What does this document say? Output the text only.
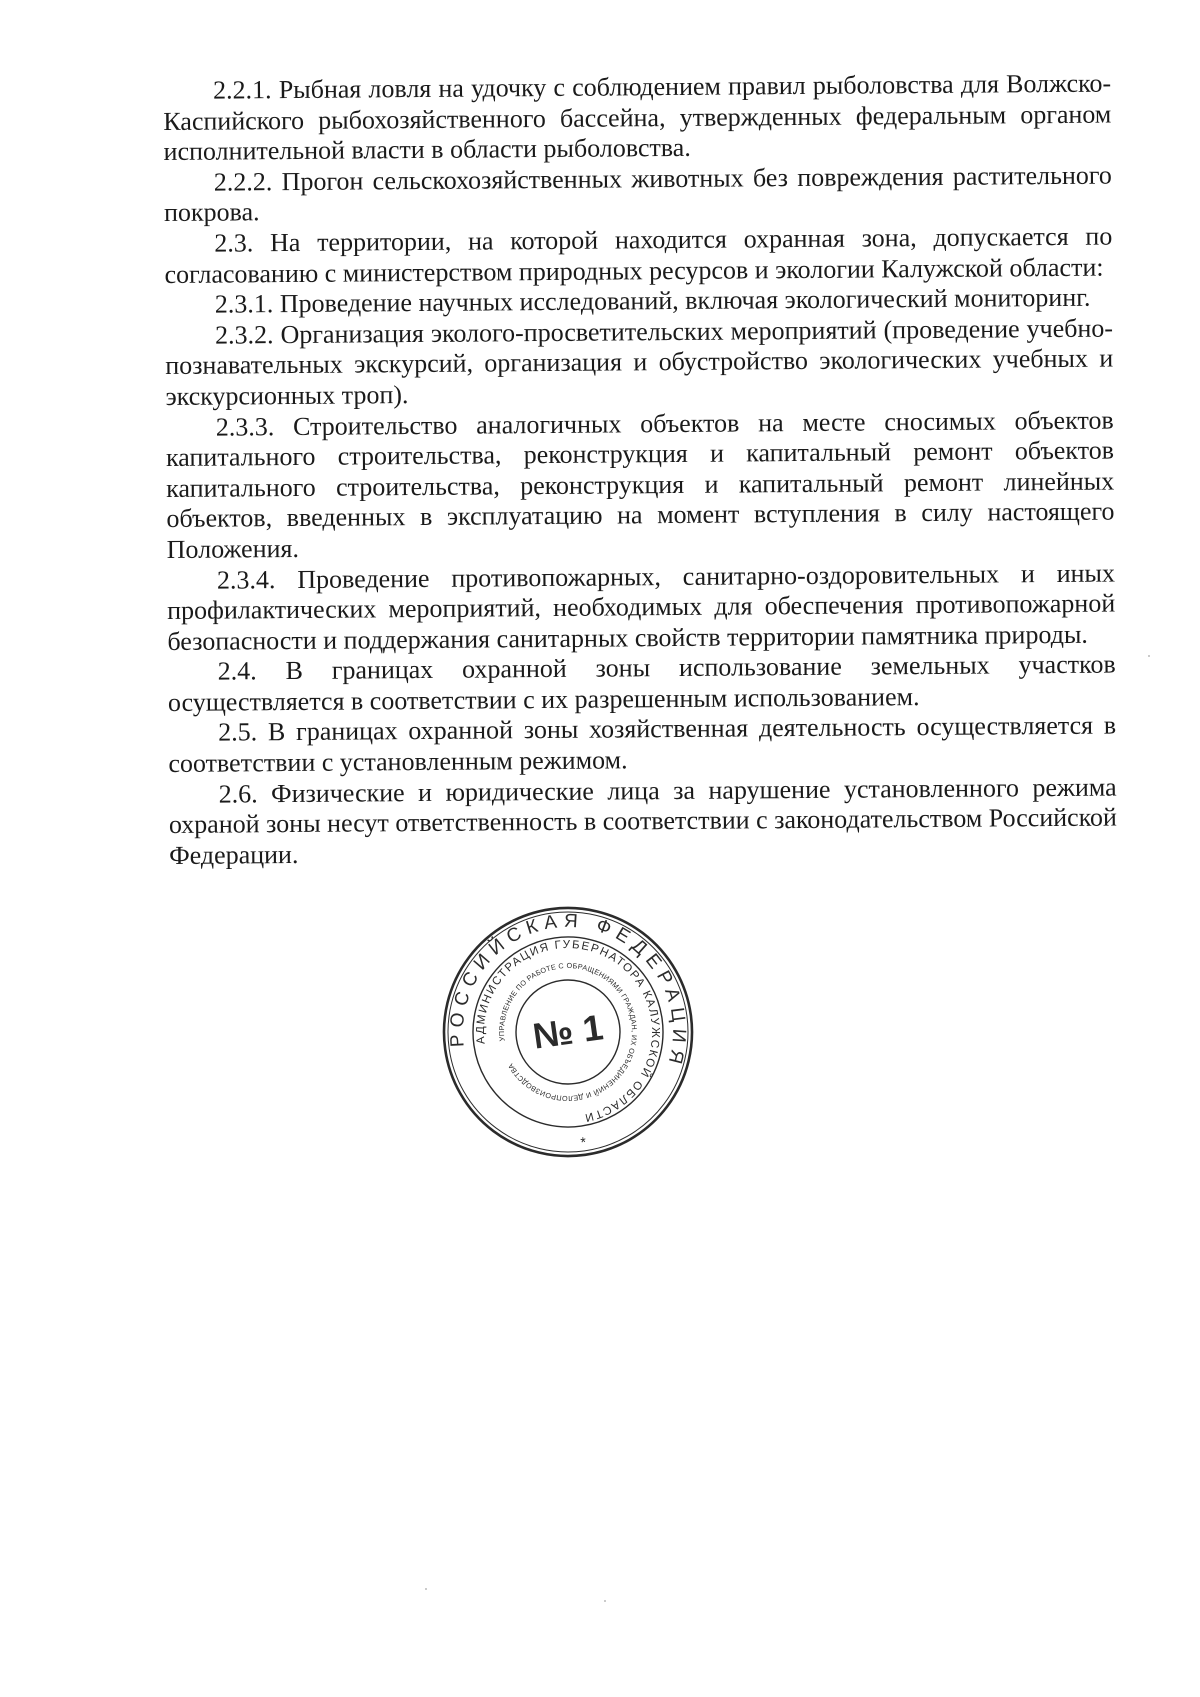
2.2.1. Рыбная ловля на удочку с соблюдением правил рыболовства для Волжско-Каспийского рыбохозяйственного бассейна, утвержденных федеральным органом исполнительной власти в области рыболовства.

2.2.2. Прогон сельскохозяйственных животных без повреждения растительного покрова.

2.3. На территории, на которой находится охранная зона, допускается по согласованию с министерством природных ресурсов и экологии Калужской области:

2.3.1. Проведение научных исследований, включая экологический мониторинг.

2.3.2. Организация эколого-просветительских мероприятий (проведение учебно-познавательных экскурсий, организация и обустройство экологических учебных и экскурсионных троп).

2.3.3. Строительство аналогичных объектов на месте сносимых объектов капитального строительства, реконструкция и капитальный ремонт объектов капитального строительства, реконструкция и капитальный ремонт линейных объектов, введенных в эксплуатацию на момент вступления в силу настоящего Положения.

2.3.4. Проведение противопожарных, санитарно-оздоровительных и иных профилактических мероприятий, необходимых для обеспечения противопожарной безопасности и поддержания санитарных свойств территории памятника природы.

2.4. В границах охранной зоны использование земельных участков осуществляется в соответствии с их разрешенным использованием.

2.5. В границах охранной зоны хозяйственная деятельность осуществляется в соответствии с установленным режимом.

2.6. Физические и юридические лица за нарушение установленного режима охраной зоны несут ответственность в соответствии с законодательством Российской Федерации.

РОССИЙСКАЯ ФЕДЕРАЦИЯ
АДМИНИСТРАЦИЯ ГУБЕРНАТОРА КАЛУЖСКОЙ ОБЛАСТИ
УПРАВЛЕНИЕ ПО РАБОТЕ С ОБРАЩЕНИЯМИ ГРАЖДАН, ИХ ОБЪЕДИНЕНИЙ И ДЕЛОПРОИЗВОДСТВА
№ 1
*
